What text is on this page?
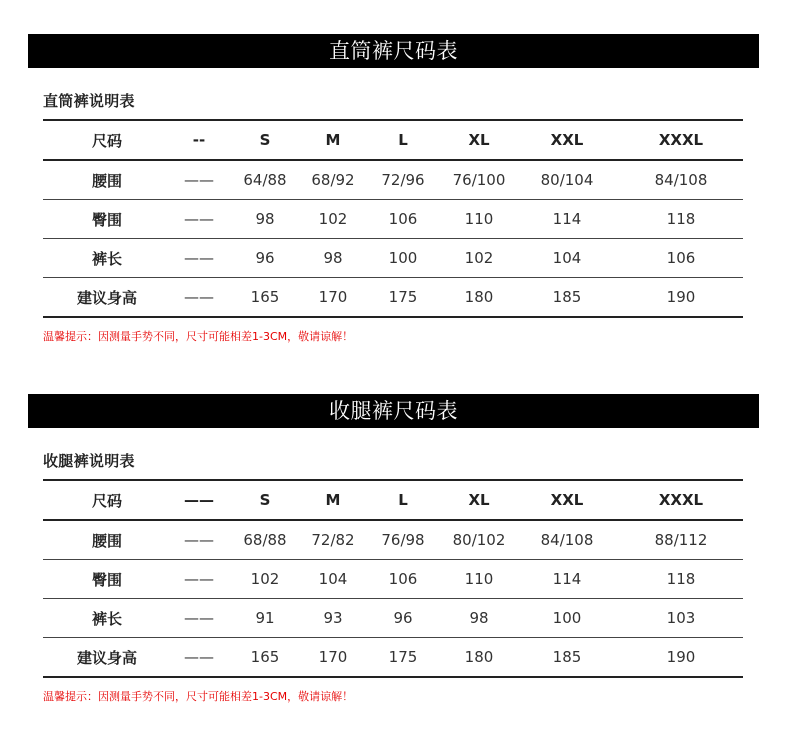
直筒裤尺码表
直筒裤说明表
尺码	--	S	M	L	XL	XXL	XXXL
腰围	——	64/88	68/92	72/96	76/100	80/104	84/108
臀围	——	98	102	106	110	114	118
裤长	——	96	98	100	102	104	106
建议身高	——	165	170	175	180	185	190
温馨提示：因测量手势不同，尺寸可能相差1-3CM，敬请谅解！
收腿裤尺码表
收腿裤说明表
尺码	——	S	M	L	XL	XXL	XXXL
腰围	——	68/88	72/82	76/98	80/102	84/108	88/112
臀围	——	102	104	106	110	114	118
裤长	——	91	93	96	98	100	103
建议身高	——	165	170	175	180	185	190
温馨提示：因测量手势不同，尺寸可能相差1-3CM，敬请谅解！
